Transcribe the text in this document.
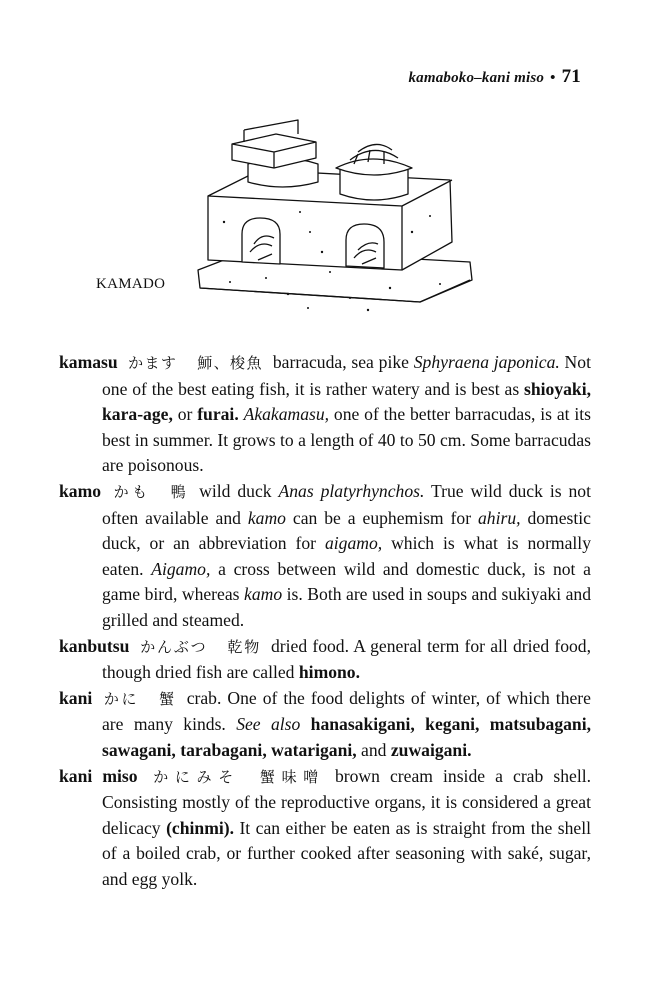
kamaboko–kani miso • 71
KAMADO

kamasu かます 魳、梭魚 barracuda, sea pike Sphyraena japonica. Not one of the best eating fish, it is rather watery and is best as shioyaki, kara-age, or furai. Akakamasu, one of the better barracudas, is at its best in summer. It grows to a length of 40 to 50 cm. Some barracudas are poisonous.

kamo かも 鴨 wild duck Anas platyrhynchos. True wild duck is not often available and kamo can be a euphemism for ahiru, domestic duck, or an abbreviation for aigamo, which is what is normally eaten. Aigamo, a cross between wild and domestic duck, is not a game bird, whereas kamo is. Both are used in soups and sukiyaki and grilled and steamed.

kanbutsu かんぶつ 乾物 dried food. A general term for all dried food, though dried fish are called himono.

kani かに 蟹 crab. One of the food delights of winter, of which there are many kinds. See also hanasakigani, kegani, matsubagani, sawagani, tarabagani, watarigani, and zuwaigani.

kani miso かにみそ 蟹味噌 brown cream inside a crab shell. Consisting mostly of the reproductive organs, it is considered a great delicacy (chinmi). It can either be eaten as is straight from the shell of a boiled crab, or further cooked after seasoning with saké, sugar, and egg yolk.
